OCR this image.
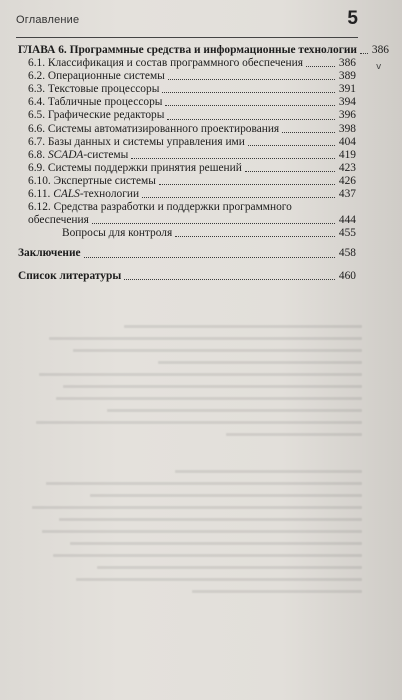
Оглавление	5
v
ГЛАВА 6. Программные средства и информационные технологии 386
6.1. Классификация и состав программного обеспечения	386
6.2. Операционные системы	389
6.3. Текстовые процессоры	391
6.4. Табличные процессоры	394
6.5. Графические редакторы	396
6.6. Системы автоматизированного проектирования	398
6.7. Базы данных и системы управления ими	404
6.8. SCADA-системы	419
6.9. Системы поддержки принятия решений	423
6.10. Экспертные системы	426
6.11. CALS-технологии	437
6.12. Средства разработки и поддержки программного
обеспечения	444
Вопросы для контроля	455
Заключение	458
Список литературы	460
